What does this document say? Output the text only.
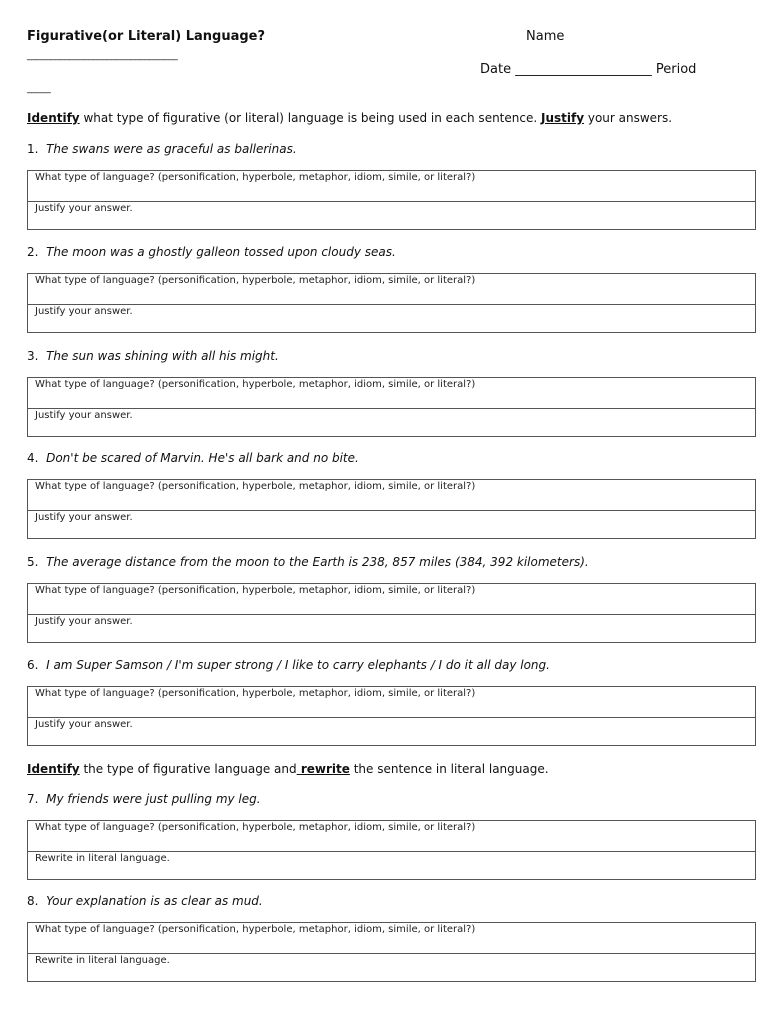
Figurative(or Literal) Language?	Name
________________________________
Date _____________________ Period
_____
Identify what type of figurative (or literal) language is being used in each sentence. Justify your answers.
1. The swans were as graceful as ballerinas.
What type of language? (personification, hyperbole, metaphor, idiom, simile, or literal?)
Justify your answer.
2. The moon was a ghostly galleon tossed upon cloudy seas.
What type of language? (personification, hyperbole, metaphor, idiom, simile, or literal?)
Justify your answer.
3. The sun was shining with all his might.
What type of language? (personification, hyperbole, metaphor, idiom, simile, or literal?)
Justify your answer.
4. Don't be scared of Marvin. He's all bark and no bite.
What type of language? (personification, hyperbole, metaphor, idiom, simile, or literal?)
Justify your answer.
5. The average distance from the moon to the Earth is 238, 857 miles (384, 392 kilometers).
What type of language? (personification, hyperbole, metaphor, idiom, simile, or literal?)
Justify your answer.
6. I am Super Samson / I'm super strong / I like to carry elephants / I do it all day long.
What type of language? (personification, hyperbole, metaphor, idiom, simile, or literal?)
Justify your answer.
Identify the type of figurative language and rewrite the sentence in literal language.
7. My friends were just pulling my leg.
What type of language? (personification, hyperbole, metaphor, idiom, simile, or literal?)
Rewrite in literal language.
8. Your explanation is as clear as mud.
What type of language? (personification, hyperbole, metaphor, idiom, simile, or literal?)
Rewrite in literal language.
